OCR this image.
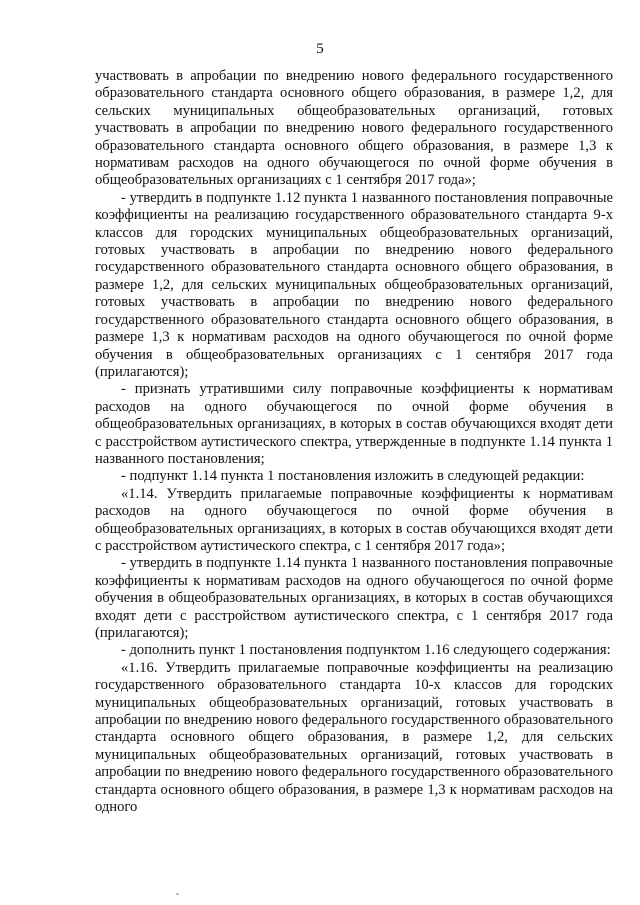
5

участвовать в апробации по внедрению нового федерального государственного образовательного стандарта основного общего образования, в размере 1,2, для сельских муниципальных общеобразовательных организаций, готовых участвовать в апробации по внедрению нового федерального государственного образовательного стандарта основного общего образования, в размере 1,3 к нормативам расходов на одного обучающегося по очной форме обучения в общеобразовательных организациях с 1 сентября 2017 года»;

- утвердить в подпункте 1.12 пункта 1 названного постановления поправочные коэффициенты на реализацию государственного образовательного стандарта 9-х классов для городских муниципальных общеобразовательных организаций, готовых участвовать в апробации по внедрению нового федерального государственного образовательного стандарта основного общего образования, в размере 1,2, для сельских муниципальных общеобразовательных организаций, готовых участвовать в апробации по внедрению нового федерального государственного образовательного стандарта основного общего образования, в размере 1,3 к нормативам расходов на одного обучающегося по очной форме обучения в общеобразовательных организациях с 1 сентября 2017 года (прилагаются);

- признать утратившими силу поправочные коэффициенты к нормативам расходов на одного обучающегося по очной форме обучения в общеобразовательных организациях, в которых в состав обучающихся входят дети с расстройством аутистического спектра, утвержденные в подпункте 1.14 пункта 1 названного постановления;

- подпункт 1.14 пункта 1 постановления изложить в следующей редакции:

«1.14. Утвердить прилагаемые поправочные коэффициенты к нормативам расходов на одного обучающегося по очной форме обучения в общеобразовательных организациях, в которых в состав обучающихся входят дети с расстройством аутистического спектра, с 1 сентября 2017 года»;

- утвердить в подпункте 1.14 пункта 1 названного постановления поправочные коэффициенты к нормативам расходов на одного обучающегося по очной форме обучения в общеобразовательных организациях, в которых в состав обучающихся входят дети с расстройством аутистического спектра, с 1 сентября 2017 года (прилагаются);

- дополнить пункт 1 постановления подпунктом 1.16 следующего содержания:

«1.16. Утвердить прилагаемые поправочные коэффициенты на реализацию государственного образовательного стандарта 10-х классов для городских муниципальных общеобразовательных организаций, готовых участвовать в апробации по внедрению нового федерального государственного образовательного стандарта основного общего образования, в размере 1,2, для сельских муниципальных общеобразовательных организаций, готовых участвовать в апробации по внедрению нового федерального государственного образовательного стандарта основного общего образования, в размере 1,3 к нормативам расходов на одного
